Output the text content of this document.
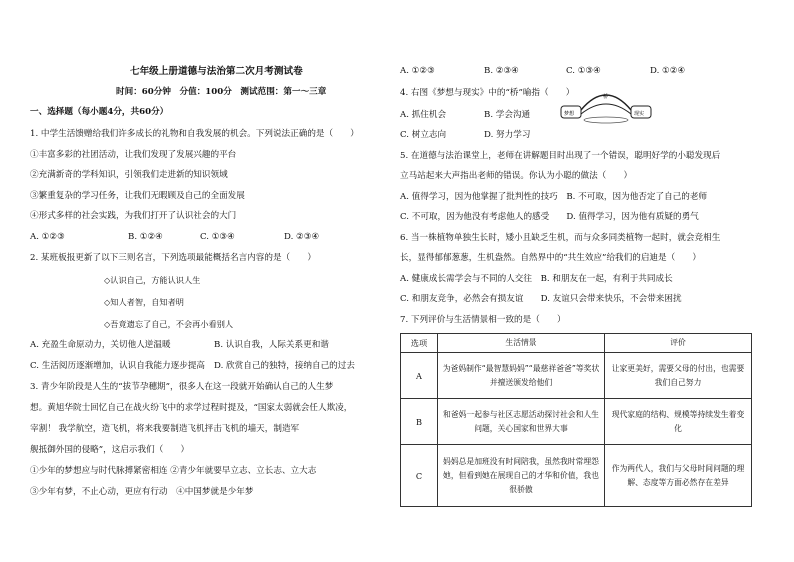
七年级上册道德与法治第二次月考测试卷
时间：60分钟　分值：100分　测试范围：第一～三章
一、选择题（每小题4分，共60分）
1. 中学生活馈赠给我们许多成长的礼物和自我发展的机会。下列说法正确的是（　　）
①丰富多彩的社团活动，让我们发现了发展兴趣的平台
②充满新奇的学科知识，引领我们走进新的知识领域
③繁重复杂的学习任务，让我们无暇顾及自己的全面发展
④形式多样的社会实践，为我们打开了认识社会的大门
A. ①②③	B. ①②④	C. ①③④	D. ②③④
2. 某班板报更新了以下三则名言，下列选项最能概括名言内容的是（　　）
◇认识自己，方能认识人生
◇知人者智，自知者明
◇吾竟遗忘了自己，不会再小看别人
A. 充盈生命原动力，关切他人逆温暖	B. 认识自我，人际关系更和谐
C. 生活阅历逐渐增加，认识自我能力逐步提高 D. 欣赏自己的独特，接纳自己的过去
3. 青少年阶段是人生的“拔节孕穗期”，很多人在这一段就开始确认自己的人生梦
想。黄旭华院士回忆自己在战火纷飞中的求学过程时提及，“国家太弱就会任人欺凌，
宰割！ 我学航空，造飞机，将来我要制造飞机抨击飞机的墙天，制造军
舰抵御外国的侵略”，这启示我们（　　）
①少年的梦想应与时代脉搏紧密相连 ②青少年就要早立志、立长志、立大志
③少年有梦，不止心动，更应有行动　④中国梦就是少年梦
A. ①②③	B. ②③④	C. ①③④	D. ①②④
4. 右图《梦想与现实》中的“桥”喻指（　　）
梦想	现实
桥
A. 抓住机会	B. 学会沟通
C. 树立志向	D. 努力学习
5. 在道德与法治课堂上，老师在讲解题目时出现了一个错误，聪明好学的小聪发现后
立马站起来大声指出老师的错误。你认为小聪的做法（　　）
A. 值得学习，因为他掌握了批判性的技巧　B. 不可取，因为他否定了自己的老师
C. 不可取，因为他没有考虑他人的感受　　D. 值得学习，因为他有质疑的勇气
6. 当一株植物单独生长时，矮小且缺乏生机，而与众多同类植物一起时，就会竞相生
长，显得郁郁葱葱，生机盎然。自然界中的“共生效应”给我们的启迪是（　　）
A. 健康成长需学会与不同的人交往　B. 和朋友在一起，有利于共同成长
C. 和朋友竞争，必然会有损友谊　　D. 友谊只会带来快乐，不会带来困扰
7. 下列评价与生活情景相一致的是（　　）
选项	生活情景	评价
A	为爸妈制作“最智慧妈妈”“最慈祥爸爸”等奖状并擅送颁发给他们	让家更美好，需要父母的付出，也需要我们自己努力
B	和爸妈一起参与社区志愿活动探讨社会和人生问题，关心国家和世界大事	现代家庭的结构、规模等持续发生着变化
C	妈妈总是加班没有时间陪我，虽然我时常埋怨她，但看到她在展现自己的才华和价值，我也很骄傲	作为两代人，我们与父母时间问题的理解、态度等方面必然存在差异
